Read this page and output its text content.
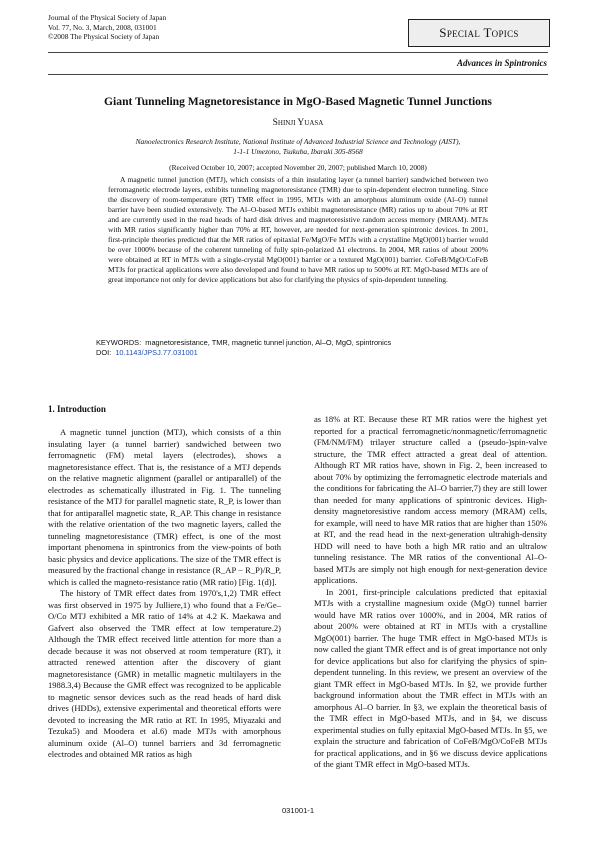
Journal of the Physical Society of Japan
Vol. 77, No. 3, March, 2008, 031001
©2008 The Physical Society of Japan	Special Topics
Advances in Spintronics
Giant Tunneling Magnetoresistance in MgO-Based Magnetic Tunnel Junctions
Shinji Yuasa
Nanoelectronics Research Institute, National Institute of Advanced Industrial Science and Technology (AIST),
1-1-1 Umezono, Tsukuba, Ibaraki 305-8568
(Received October 10, 2007; accepted November 20, 2007; published March 10, 2008)
A magnetic tunnel junction (MTJ), which consists of a thin insulating layer (a tunnel barrier) sandwiched between two ferromagnetic electrode layers, exhibits tunneling magnetoresistance (TMR) due to spin-dependent electron tunneling. Since the discovery of room-temperature (RT) TMR effect in 1995, MTJs with an amorphous aluminum oxide (Al–O) tunnel barrier have been studied extensively. The Al–O-based MTJs exhibit magnetoresistance (MR) ratios up to about 70% at RT and are currently used in the read heads of hard disk drives and magnetoresistive random access memory (MRAM). MTJs with MR ratios significantly higher than 70% at RT, however, are needed for next-generation spintronic devices. In 2001, first-principle theories predicted that the MR ratios of epitaxial Fe/MgO/Fe MTJs with a crystalline MgO(001) barrier would be over 1000% because of the coherent tunneling of fully spin-polarized Δ1 electrons. In 2004, MR ratios of about 200% were obtained at RT in MTJs with a single-crystal MgO(001) barrier or a textured MgO(001) barrier. CoFeB/MgO/CoFeB MTJs for practical applications were also developed and found to have MR ratios up to 500% at RT. MgO-based MTJs are of great importance not only for device applications but also for clarifying the physics of spin-dependent tunneling.
KEYWORDS: magnetoresistance, TMR, magnetic tunnel junction, Al–O, MgO, spintronics
DOI: 10.1143/JPSJ.77.031001
1. Introduction

A magnetic tunnel junction (MTJ), which consists of a thin insulating layer (a tunnel barrier) sandwiched between two ferromagnetic (FM) metal layers (electrodes), shows a magnetoresistance effect. That is, the resistance of a MTJ depends on the relative magnetic alignment (parallel or antiparallel) of the electrodes as schematically illustrated in Fig. 1. The tunneling resistance of the MTJ for parallel magnetic state, R_P, is lower than that for antiparallel magnetic state, R_AP. This change in resistance with the relative orientation of the two magnetic layers, called the tunneling magnetoresistance (TMR) effect, is one of the most important phenomena in spintronics from the view-points of both basic physics and device applications. The size of the TMR effect is measured by the fractional change in resistance (R_AP − R_P)/R_P, which is called the magneto-resistance ratio (MR ratio) [Fig. 1(d)].

The history of TMR effect dates from 1970's,1,2) TMR effect was first observed in 1975 by Julliere,1) who found that a Fe/Ge–O/Co MTJ exhibited a MR ratio of 14% at 4.2 K. Maekawa and Gafvert also observed the TMR effect at low temperature.2) Although the TMR effect received little attention for more than a decade because it was not observed at room temperature (RT), it attracted renewed attention after the discovery of giant magnetoresistance (GMR) in metallic magnetic multilayers in the 1988.3,4) Because the GMR effect was recognized to be applicable to magnetic sensor devices such as the read heads of hard disk drives (HDDs), extensive experimental and theoretical efforts were devoted to increasing the MR ratio at RT. In 1995, Miyazaki and Tezuka5) and Moodera et al.6) made MTJs with amorphous aluminum oxide (Al–O) tunnel barriers and 3d ferromagnetic electrodes and obtained MR ratios as high

as 18% at RT. Because these RT MR ratios were the highest yet reported for a practical ferromagnetic/nonmagnetic/ferromagnetic (FM/NM/FM) trilayer structure called a (pseudo-)spin-valve structure, the TMR effect attracted a great deal of attention. Although RT MR ratios have, shown in Fig. 2, been increased to about 70% by optimizing the ferromagnetic electrode materials and the conditions for fabricating the Al–O barrier,7) they are still lower than needed for many applications of spintronic devices. High-density magnetoresistive random access memory (MRAM) cells, for example, will need to have MR ratios that are higher than 150% at RT, and the read head in the next-generation ultrahigh-density HDD will need to have both a high MR ratio and an ultralow tunneling resistance. The MR ratios of the conventional Al–O-based MTJs are simply not high enough for next-generation device applications.

In 2001, first-principle calculations predicted that epitaxial MTJs with a crystalline magnesium oxide (MgO) tunnel barrier would have MR ratios over 1000%, and in 2004, MR ratios of about 200% were obtained at RT in MTJs with a crystalline MgO(001) barrier. The huge TMR effect in MgO-based MTJs is now called the giant TMR effect and is of great importance not only for device applications but also for clarifying the physics of spin-dependent tunneling. In this review, we present an overview of the giant TMR effect in MgO-based MTJs. In §2, we provide further background information about the TMR effect in MTJs with an amorphous Al–O barrier. In §3, we explain the theoretical basis of the TMR effect in MgO-based MTJs, and in §4, we discuss experimental studies on fully epitaxial MgO-based MTJs. In §5, we explain the structure and fabrication of CoFeB/MgO/CoFeB MTJs for practical applications, and in §6 we discuss device applications of the giant TMR effect in MgO-based MTJs.

031001-1
